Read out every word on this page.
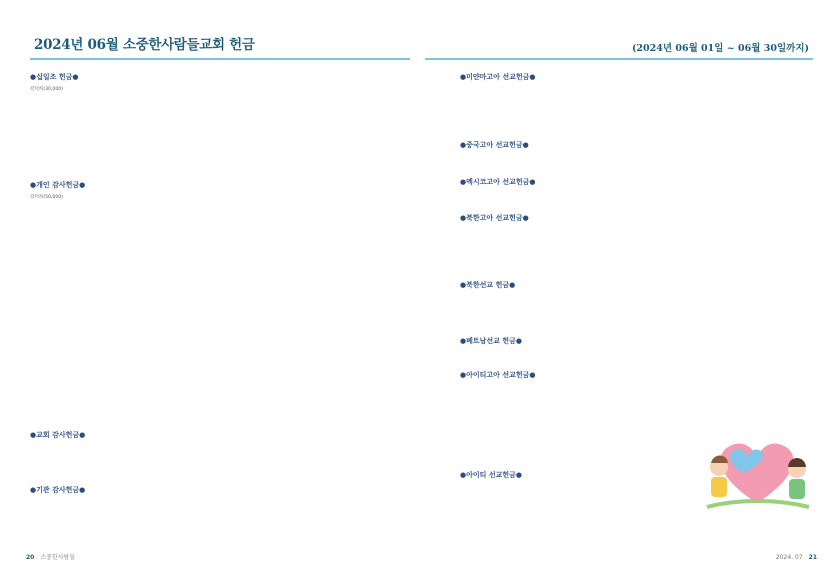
2024년 06월 소중한사람들교회 헌금	(2024년 06월 01일 ~ 06월 30일까지)
●십일조 헌금●
강덕희(30,000)
●개인 감사헌금●
강덕희(50,000)
●교회 감사헌금●
●기관 감사헌금●
●미얀마고아 선교헌금●
●중국고아 선교헌금●
●멕시코고아 선교헌금●
●북한고아 선교헌금●
●북한선교 헌금●
●베트남선교 헌금●
●아이티고아 선교헌금●
●아이티 선교헌금●
20 소중한사람들	2024. 07 21
